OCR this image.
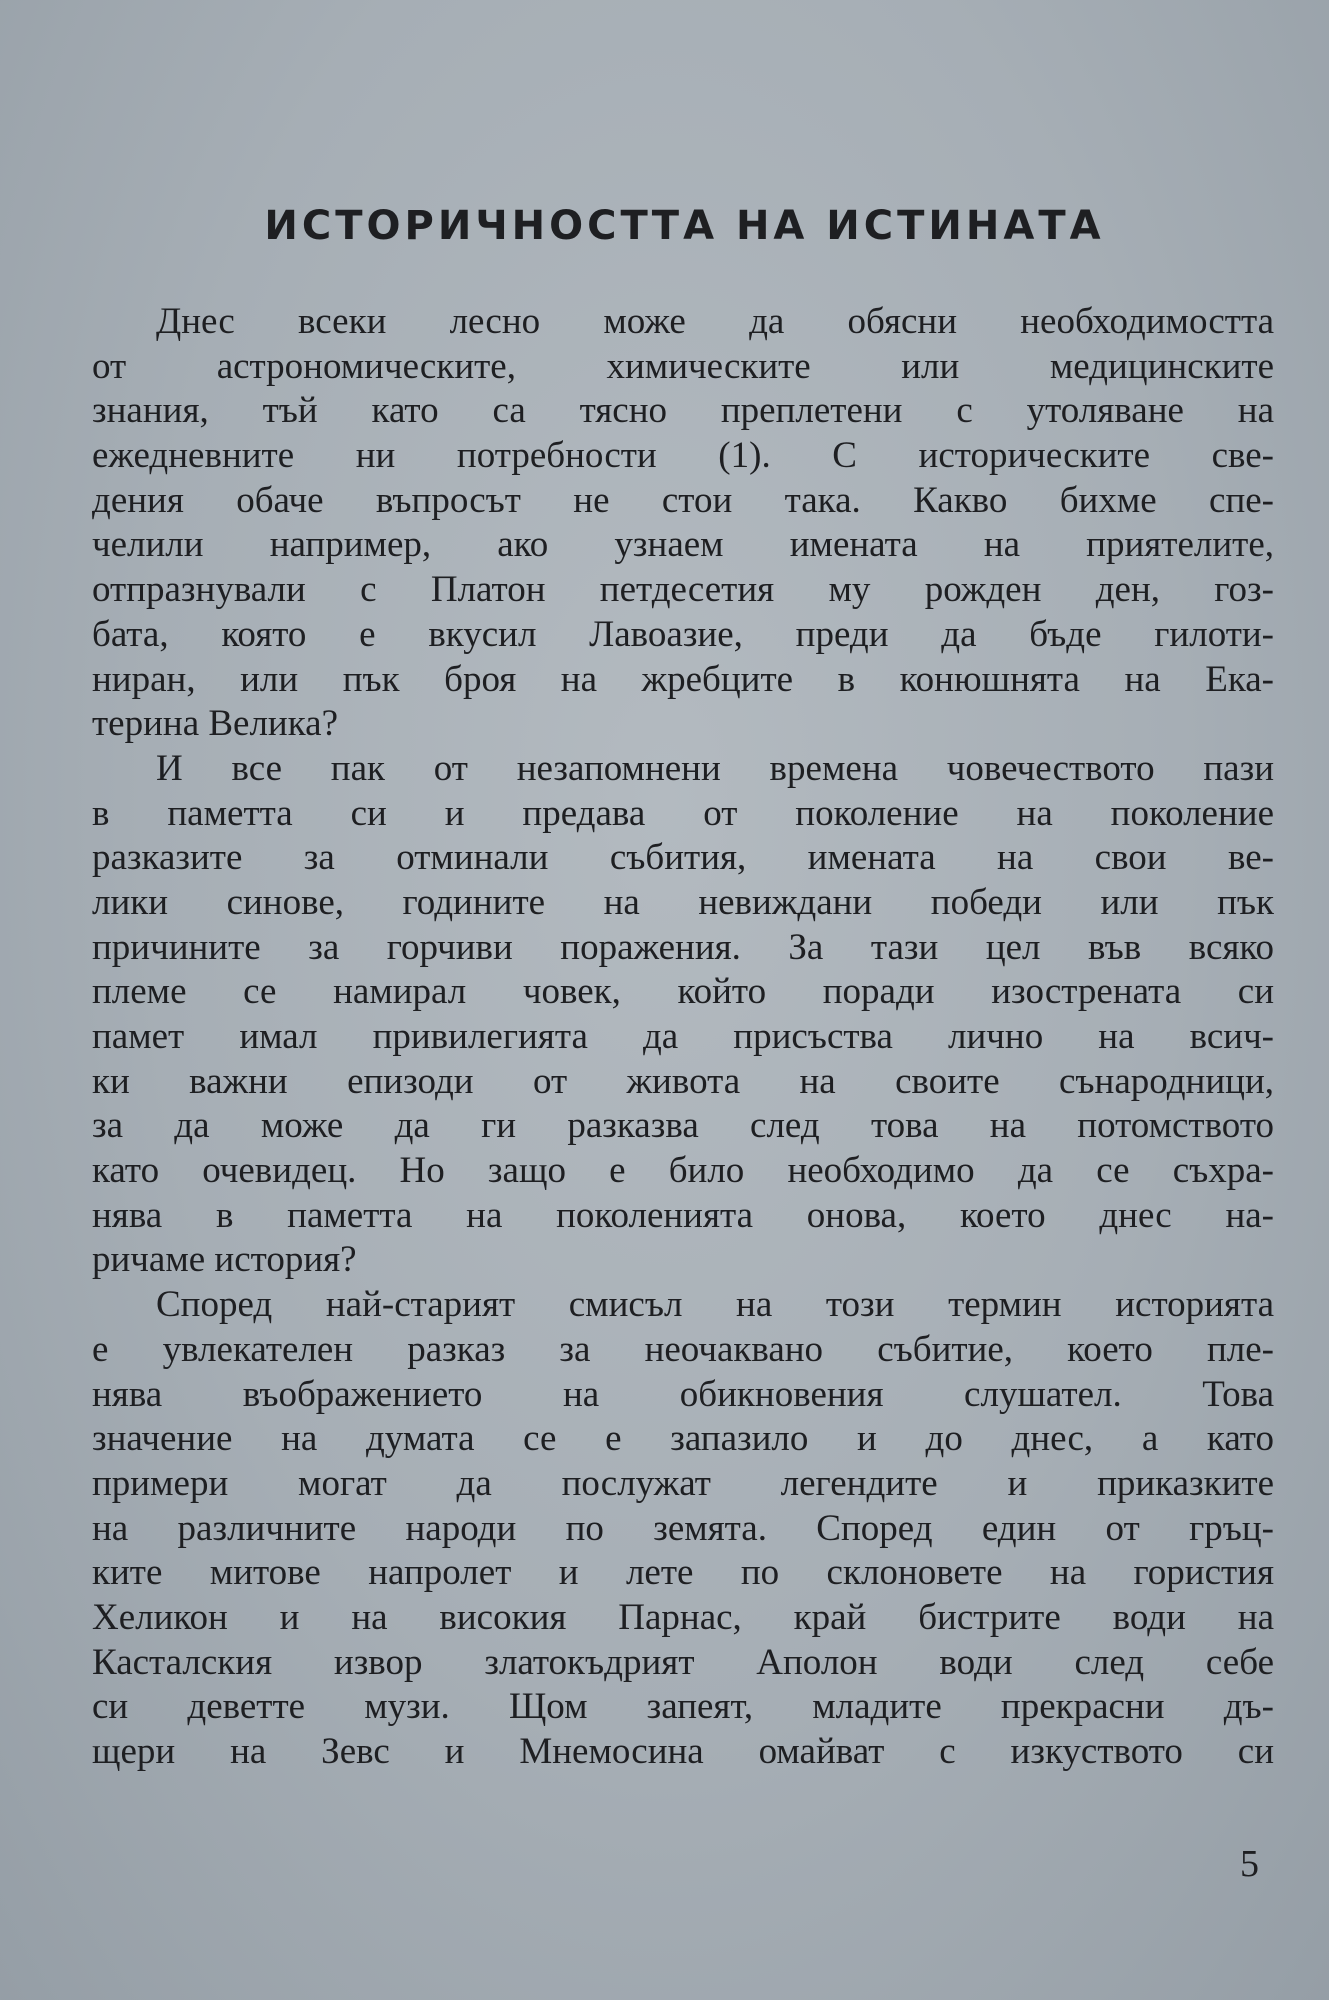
ИСТОРИЧНОСТТА НА ИСТИНАТА
Днес всеки лесно може да обясни необходимостта
от астрономическите, химическите или медицинските
знания, тъй като са тясно преплетени с утоляване на
ежедневните ни потребности (1). С историческите све-
дения обаче въпросът не стои така. Какво бихме спе-
челили например, ако узнаем имената на приятелите,
отпразнували с Платон петдесетия му рожден ден, гоз-
бата, която е вкусил Лавоазие, преди да бъде гилоти-
ниран, или пък броя на жребците в конюшнята на Ека-
терина Велика?
И все пак от незапомнени времена човечеството пази
в паметта си и предава от поколение на поколение
разказите за отминали събития, имената на свои ве-
лики синове, годините на невиждани победи или пък
причините за горчиви поражения. За тази цел във всяко
племе се намирал човек, който поради изострената си
памет имал привилегията да присъства лично на всич-
ки важни епизоди от живота на своите сънародници,
за да може да ги разказва след това на потомството
като очевидец. Но защо е било необходимо да се съхра-
нява в паметта на поколенията онова, което днес на-
ричаме история?
Според най-старият смисъл на този термин историята
е увлекателен разказ за неочаквано събитие, което пле-
нява въображението на обикновения слушател. Това
значение на думата се е запазило и до днес, а като
примери могат да послужат легендите и приказките
на различните народи по земята. Според един от гръц-
ките митове напролет и лете по склоновете на гористия
Хеликон и на високия Парнас, край бистрите води на
Касталския извор златокъдрият Аполон води след себе
си деветте музи. Щом запеят, младите прекрасни дъ-
щери на Зевс и Мнемосина омайват с изкуството си
5
